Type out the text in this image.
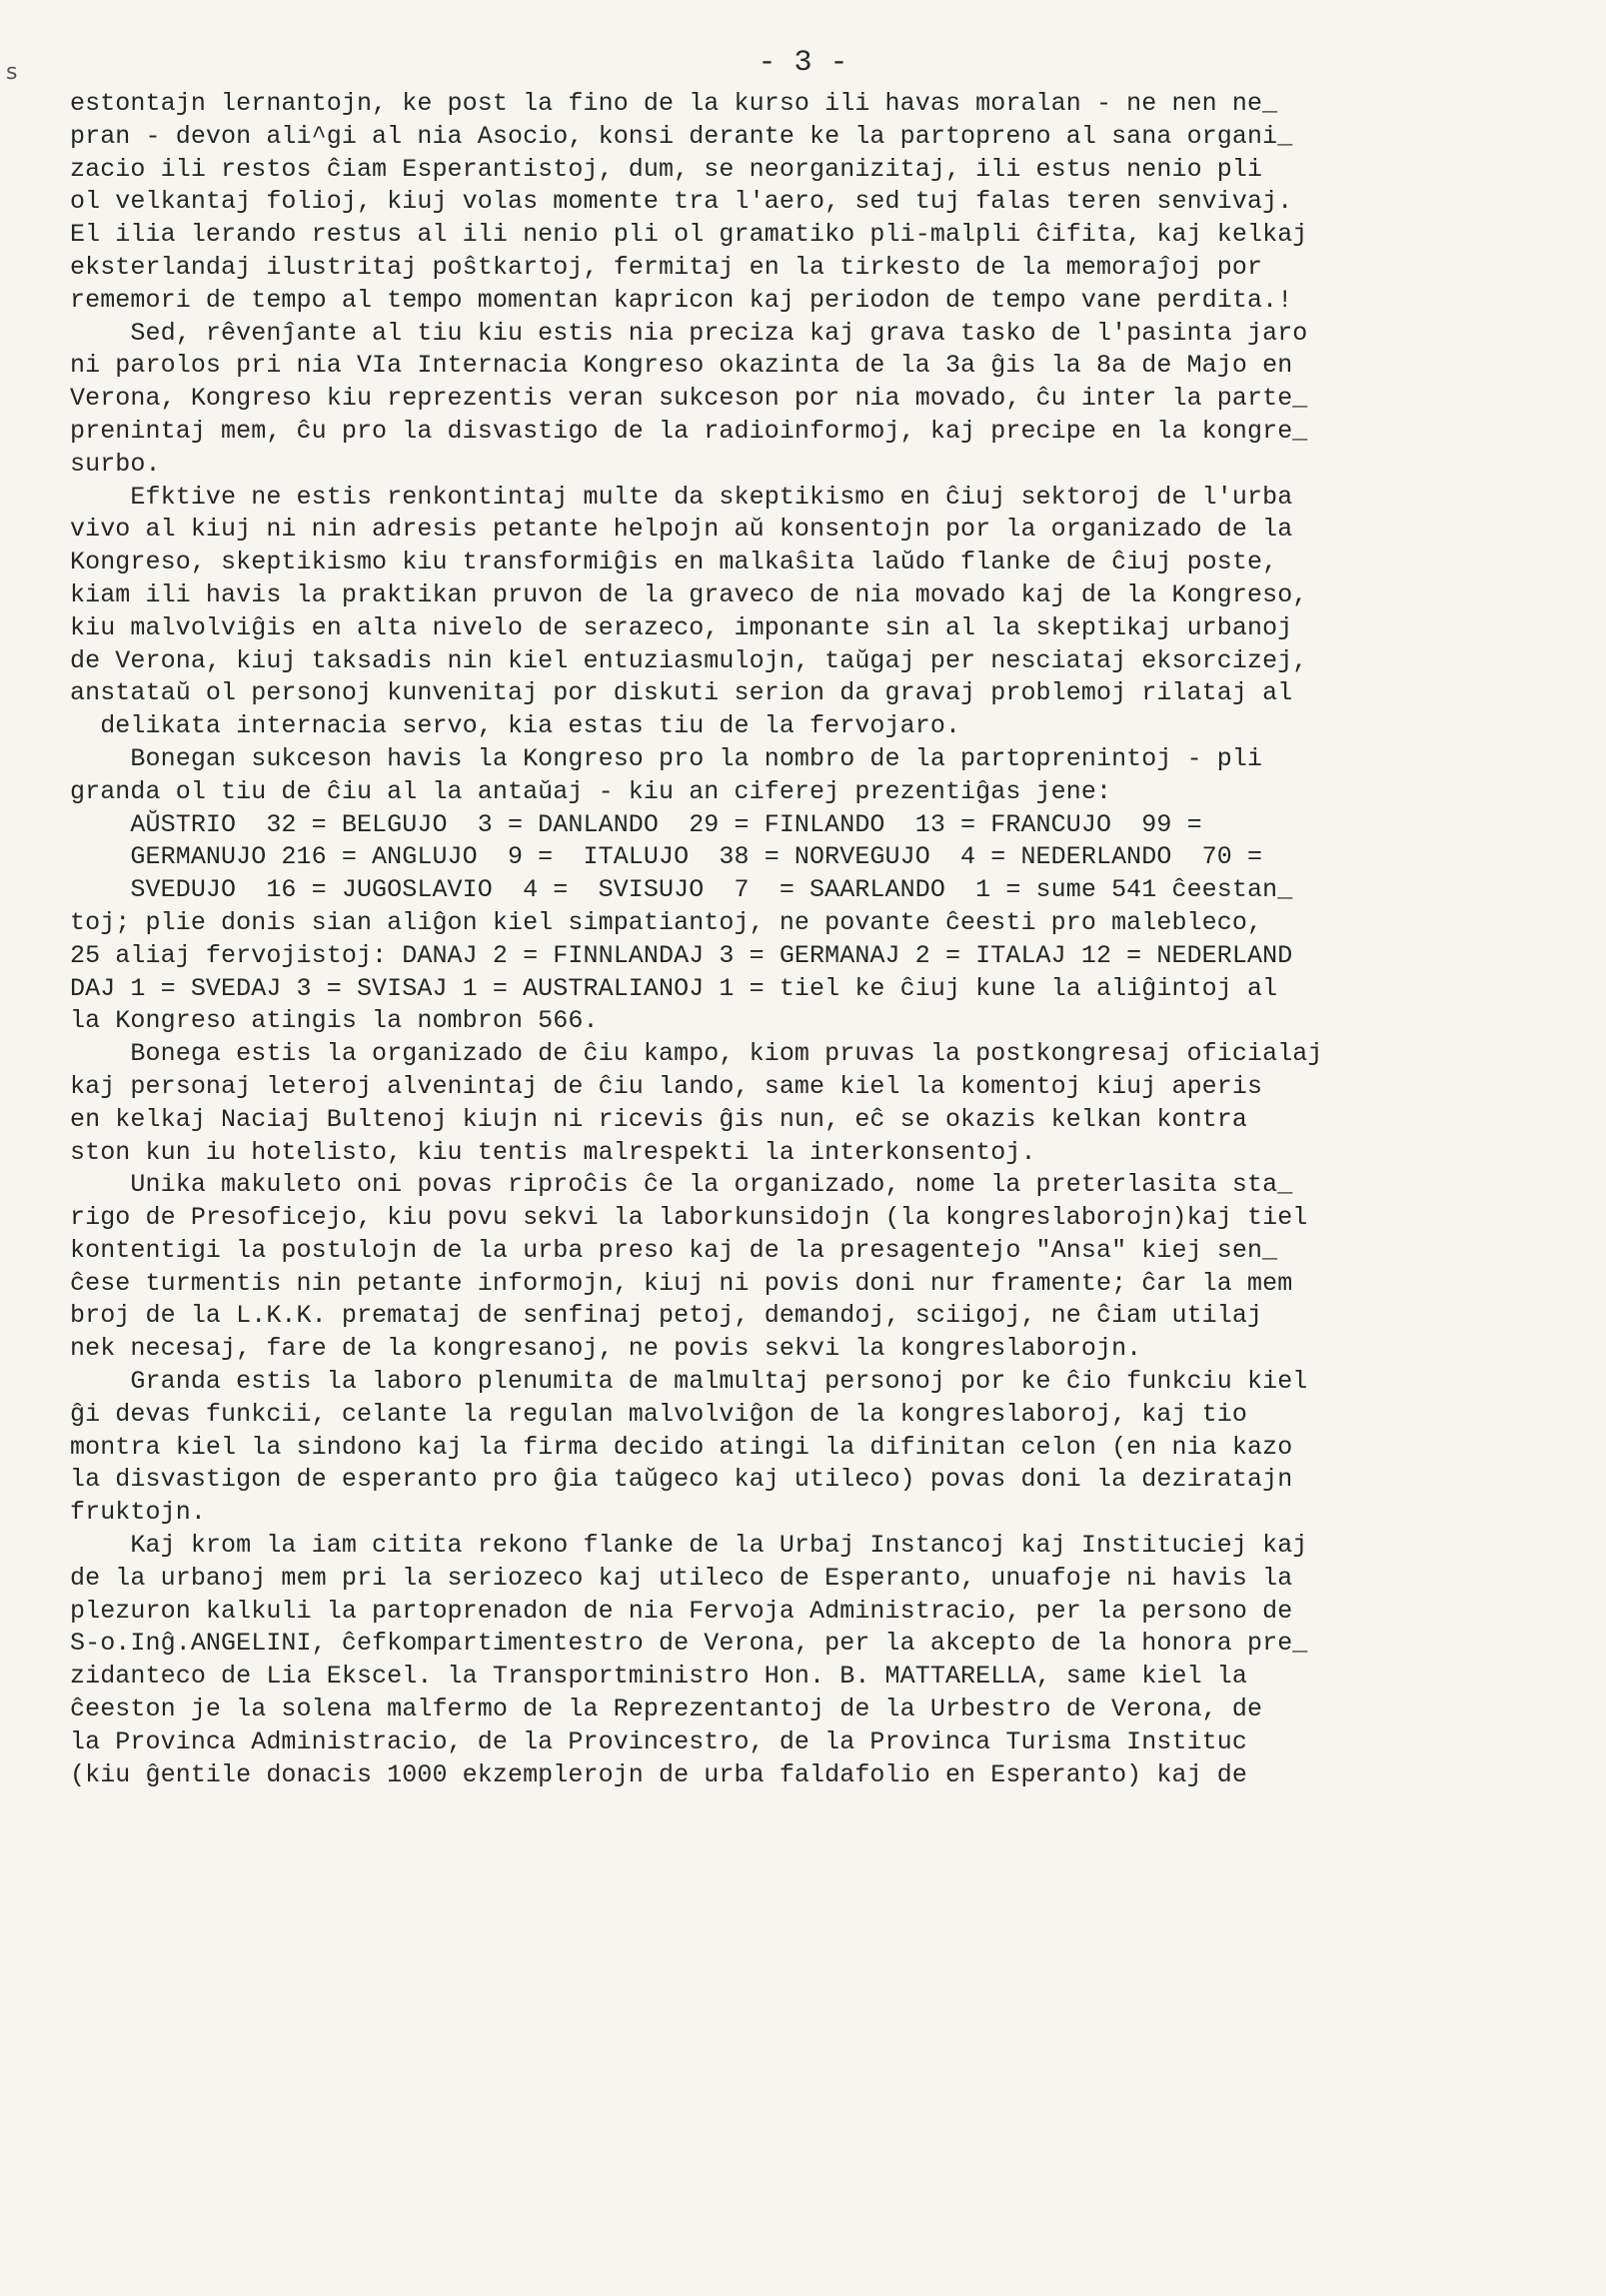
s	- 3 -
estontajn lernantojn, ke post la fino de la kurso ili havas moralan - ne nen ne_
pran - devon ali^gi al nia Asocio, konsi derante ke la partopreno al sana organi_
zacio ili restos ĉiam Esperantistoj, dum, se neorganizitaj, ili estus nenio pli
ol velkantaj folioj, kiuj volas momente tra l'aero, sed tuj falas teren senvivaj.
El ilia lerando restus al ili nenio pli ol gramatiko pli-malpli ĉifita, kaj kelkaj
eksterlandaj ilustritaj poŝtkartoj, fermitaj en la tirkesto de la memoraĵoj por
rememori de tempo al tempo momentan kapricon kaj periodon de tempo vane perdita.!
Sed, rêvenĵante al tiu kiu estis nia preciza kaj grava tasko de l'pasinta jaro
ni parolos pri nia VIa Internacia Kongreso okazinta de la 3a ĝis la 8a de Majo en
Verona, Kongreso kiu reprezentis veran sukceson por nia movado, ĉu inter la parte_
prenintaj mem, ĉu pro la disvastigo de la radioinformoj, kaj precipe en la kongre_
surbo.
Efktive ne estis renkontintaj multe da skeptikismo en ĉiuj sektoroj de l'urba
vivo al kiuj ni nin adresis petante helpojn aŭ konsentojn por la organizado de la
Kongreso, skeptikismo kiu transformiĝis en malkaŝita laŭdo flanke de ĉiuj poste,
kiam ili havis la praktikan pruvon de la graveco de nia movado kaj de la Kongreso,
kiu malvolviĝis en alta nivelo de serazeco, imponante sin al la skeptikaj urbanoj
de Verona, kiuj taksadis nin kiel entuziasmulojn, taŭgaj per nesciataj eksorcizej,
anstataŭ ol personoj kunvenitaj por diskuti serion da gravaj problemoj rilataj al
delikata internacia servo, kia estas tiu de la fervojaro.
Bonegan sukceson havis la Kongreso pro la nombro de la partoprenintoj - pli
granda ol tiu de ĉiu al la antaŭaj - kiu an ciferej prezentiĝas jene:
AŬSTRIO  32 = BELGUJO  3 = DANLANDO  29 = FINLANDO  13 = FRANCUJO  99 =
GERMANUJO 216 = ANGLUJO  9 =  ITALUJO  38 = NORVEGUJO  4 = NEDERLANDO  70 =
SVEDUJO  16 = JUGOSLAVIO  4 =  SVISUJO  7  = SAARLANDO  1 = sume 541 ĉeestan_
toj; plie donis sian aliĝon kiel simpatiantoj, ne povante ĉeesti pro malebleco,
25 aliaj fervojistoj: DANAJ 2 = FINNLANDAJ 3 = GERMANAJ 2 = ITALAJ 12 = NEDERLAND
DAJ 1 = SVEDAJ 3 = SVISAJ 1 = AUSTRALIANOJ 1 = tiel ke ĉiuj kune la aliĝintoj al
la Kongreso atingis la nombron 566.
Bonega estis la organizado de ĉiu kampo, kiom pruvas la postkongresaj oficialaj
kaj personaj leteroj alvenintaj de ĉiu lando, same kiel la komentoj kiuj aperis
en kelkaj Naciaj Bultenoj kiujn ni ricevis ĝis nun, eĉ se okazis kelkan kontra
ston kun iu hotelisto, kiu tentis malrespekti la interkonsentoj.
Unika makuleto oni povas riproĉis ĉe la organizado, nome la preterlasita sta_
rigo de Presoficejo, kiu povu sekvi la laborkunsidojn (la kongreslaborojn)kaj tiel
kontentigi la postulojn de la urba preso kaj de la presagentejo "Ansa" kiej sen_
ĉese turmentis nin petante informojn, kiuj ni povis doni nur framente; ĉar la mem
broj de la L.K.K. premataj de senfinaj petoj, demandoj, sciigoj, ne ĉiam utilaj
nek necesaj, fare de la kongresanoj, ne povis sekvi la kongreslaborojn.
Granda estis la laboro plenumita de malmultaj personoj por ke ĉio funkciu kiel
ĝi devas funkcii, celante la regulan malvolviĝon de la kongreslaboroj, kaj tio
montra kiel la sindono kaj la firma decido atingi la difinitan celon (en nia kazo
la disvastigon de esperanto pro ĝia taŭgeco kaj utileco) povas doni la deziratajn
fruktojn.
Kaj krom la iam citita rekono flanke de la Urbaj Instancoj kaj Instituciej kaj
de la urbanoj mem pri la seriozeco kaj utileco de Esperanto, unuafoje ni havis la
plezuron kalkuli la partoprenadon de nia Fervoja Administracio, per la persono de
S-o.Inĝ.ANGELINI, ĉefkompartimentestro de Verona, per la akcepto de la honora pre_
zidanteco de Lia Ekscel. la Transportministro Hon. B. MATTARELLA, same kiel la
ĉeeston je la solena malfermo de la Reprezentantoj de la Urbestro de Verona, de
la Provinca Administracio, de la Provincestro, de la Provinca Turisma Instituc
(kiu ĝentile donacis 1000 ekzemplerojn de urba faldafolio en Esperanto) kaj de
